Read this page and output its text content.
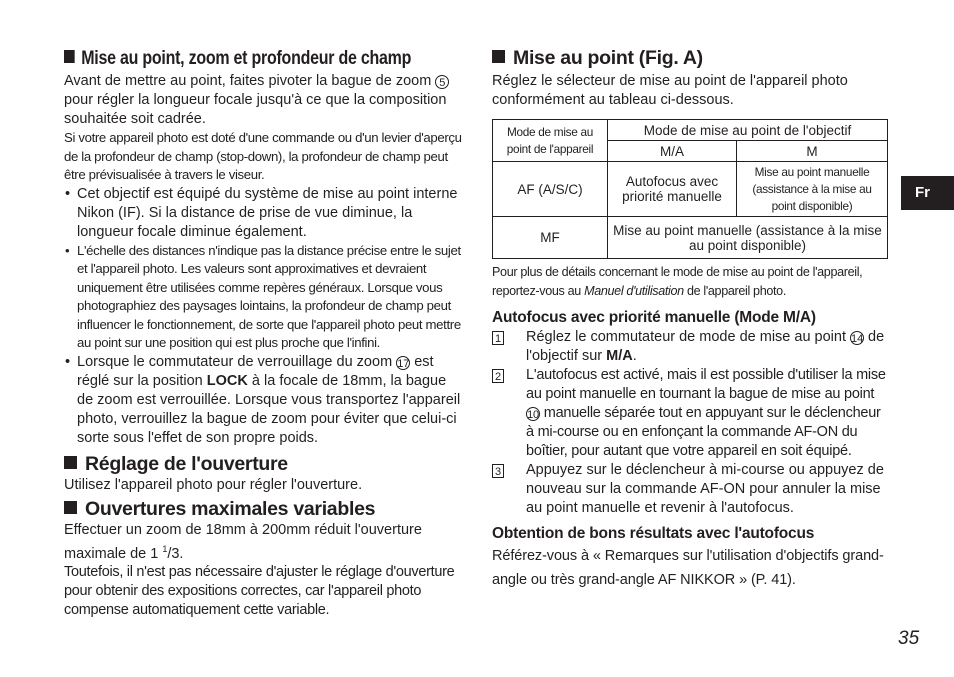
Mise au point, zoom et profondeur de champ

Avant de mettre au point, faites pivoter la bague de zoom 5 pour régler la longueur focale jusqu'à ce que la composition souhaitée soit cadrée.

Si votre appareil photo est doté d'une commande ou d'un levier d'aperçu de la profondeur de champ (stop-down), la profondeur de champ peut être prévisualisée à travers le viseur.

• Cet objectif est équipé du système de mise au point interne Nikon (IF). Si la distance de prise de vue diminue, la longueur focale diminue également.
• L'échelle des distances n'indique pas la distance précise entre le sujet et l'appareil photo. Les valeurs sont approximatives et devraient uniquement être utilisées comme repères généraux. Lorsque vous photographiez des paysages lointains, la profondeur de champ peut influencer le fonctionnement, de sorte que l'appareil photo peut mettre au point sur une position qui est plus proche que l'infini.
• Lorsque le commutateur de verrouillage du zoom 17 est réglé sur la position LOCK à la focale de 18mm, la bague de zoom est verrouillée. Lorsque vous transportez l'appareil photo, verrouillez la bague de zoom pour éviter que celui-ci sorte sous l'effet de son propre poids.

Réglage de l'ouverture

Utilisez l'appareil photo pour régler l'ouverture.

Ouvertures maximales variables

Effectuer un zoom de 18mm à 200mm réduit l'ouverture maximale de 1 $^1$/3.

Toutefois, il n'est pas nécessaire d'ajuster le réglage d'ouverture pour obtenir des expositions correctes, car l'appareil photo compense automatiquement cette variable.

Mise au point (Fig. A)

Réglez le sélecteur de mise au point de l'appareil photo conformément au tableau ci-dessous.

Mode de mise au point de l'appareil	Mode de mise au point de l'objectif	
	M/A	M
AF (A/S/C)	Autofocus avec priorité manuelle	Mise au point manuelle (assistance à la mise au point disponible)
MF	Mise au point manuelle (assistance à la mise au point disponible)	

Pour plus de détails concernant le mode de mise au point de l'appareil, reportez-vous au Manuel d'utilisation de l'appareil photo.

Autofocus avec priorité manuelle (Mode M/A)

1 Réglez le commutateur de mode de mise au point 14 de l'objectif sur M/A.

2 L'autofocus est activé, mais il est possible d'utiliser la mise au point manuelle en tournant la bague de mise au point 10 manuelle séparée tout en appuyant sur le déclencheur à mi-course ou en enfonçant la commande AF-ON du boîtier, pour autant que votre appareil en soit équipé.

3 Appuyez sur le déclencheur à mi-course ou appuyez de nouveau sur la commande AF-ON pour annuler la mise au point manuelle et revenir à l'autofocus.

Obtention de bons résultats avec l'autofocus

Référez-vous à « Remarques sur l'utilisation d'objectifs grand-angle ou très grand-angle AF NIKKOR » (P. 41).

Fr
35
